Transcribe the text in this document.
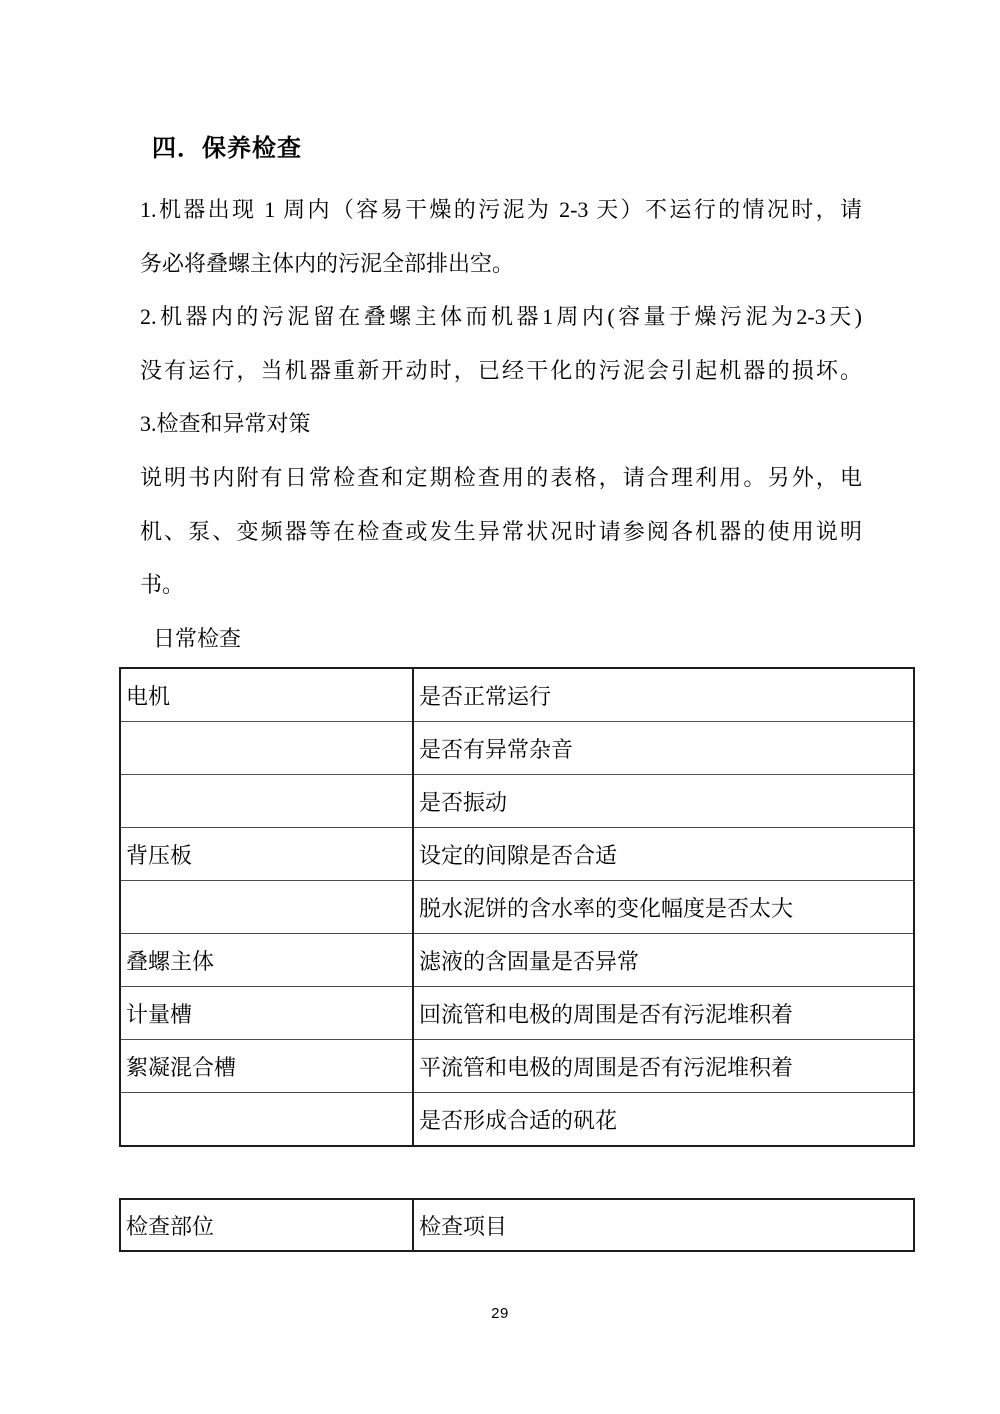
四．保养检查
1.机器出现 1 周内（容易干燥的污泥为 2-3 天）不运行的情况时，请
务必将叠螺主体内的污泥全部排出空。
2.机器内的污泥留在叠螺主体而机器1周内(容量于燥污泥为2-3天)
没有运行，当机器重新开动时，已经干化的污泥会引起机器的损坏。
3.检查和异常对策
说明书内附有日常检查和定期检查用的表格，请合理利用。另外，电
机、泵、变频器等在检查或发生异常状况时请参阅各机器的使用说明
书。
日常检查
电机	是否正常运行
	是否有异常杂音
	是否振动
背压板	设定的间隙是否合适
	脱水泥饼的含水率的变化幅度是否太大
叠螺主体	滤液的含固量是否异常
计量槽	回流管和电极的周围是否有污泥堆积着
絮凝混合槽	平流管和电极的周围是否有污泥堆积着
	是否形成合适的矾花
检查部位	检查项目
29
